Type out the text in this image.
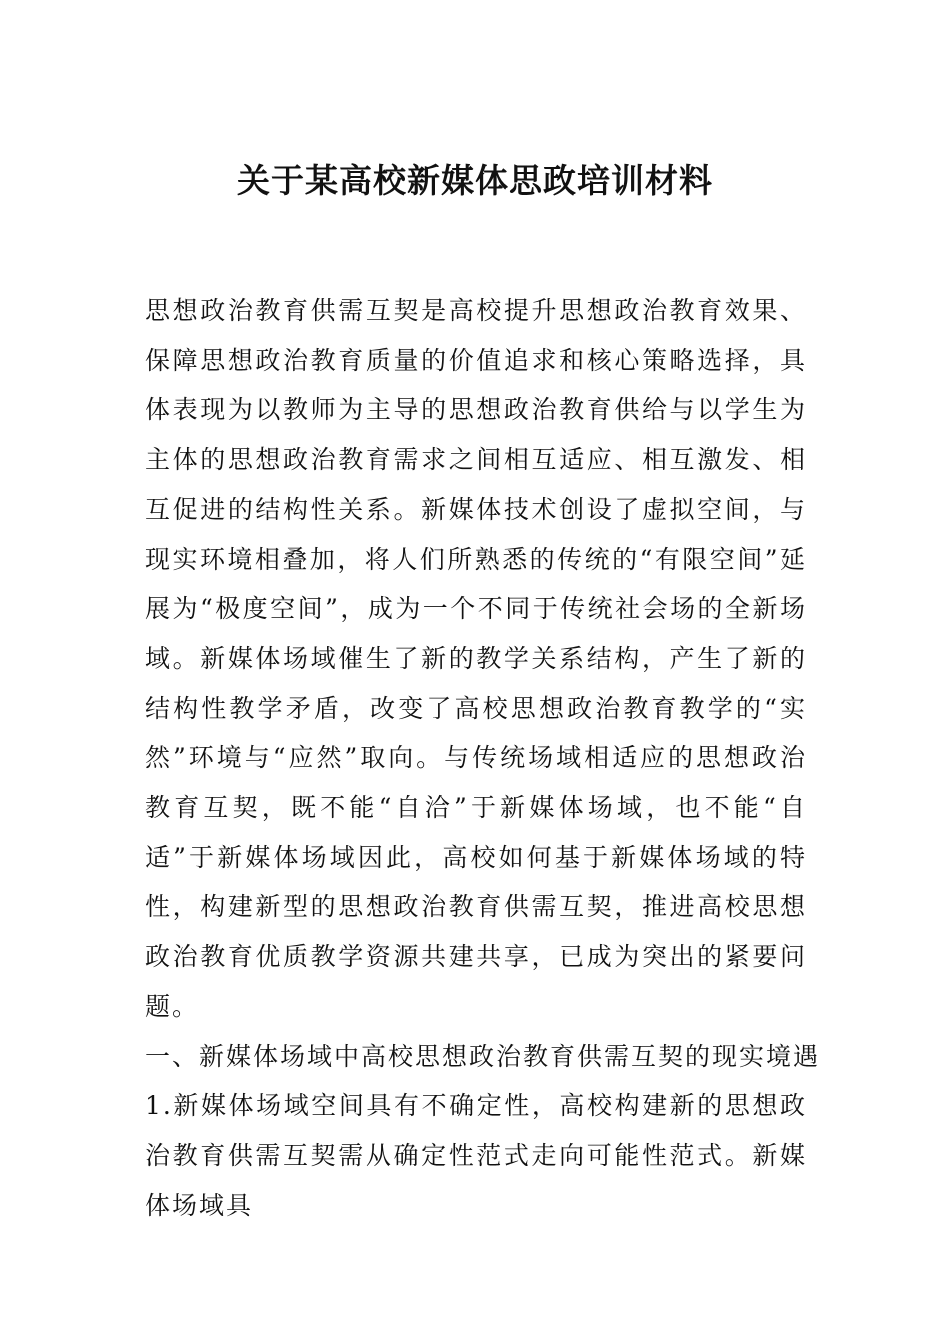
关于某高校新媒体思政培训材料

思想政治教育供需互契是高校提升思想政治教育效果、保障思想政治教育质量的价值追求和核心策略选择，具体表现为以教师为主导的思想政治教育供给与以学生为主体的思想政治教育需求之间相互适应、相互激发、相互促进的结构性关系。新媒体技术创设了虚拟空间，与现实环境相叠加，将人们所熟悉的传统的“有限空间”延展为“极度空间”，成为一个不同于传统社会场的全新场域。新媒体场域催生了新的教学关系结构，产生了新的结构性教学矛盾，改变了高校思想政治教育教学的“实然”环境与“应然”取向。与传统场域相适应的思想政治教育互契，既不能“自洽”于新媒体场域，也不能“自适”于新媒体场域因此，高校如何基于新媒体场域的特性，构建新型的思想政治教育供需互契，推进高校思想政治教育优质教学资源共建共享，已成为突出的紧要问题。

一、新媒体场域中高校思想政治教育供需互契的现实境遇

1.新媒体场域空间具有不确定性，高校构建新的思想政治教育供需互契需从确定性范式走向可能性范式。新媒体场域具
